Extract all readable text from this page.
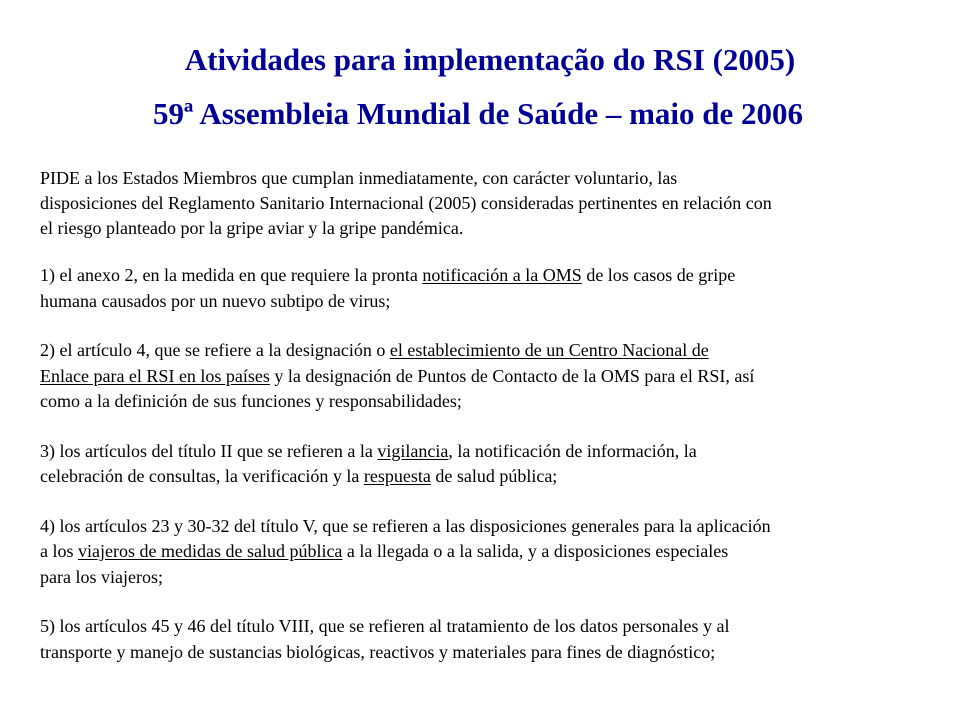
Atividades para implementação do RSI (2005)
59ª Assembleia Mundial de Saúde – maio de 2006
PIDE a los Estados Miembros que cumplan inmediatamente, con carácter voluntario, las
disposiciones del Reglamento Sanitario Internacional (2005) consideradas pertinentes en relación con
el riesgo planteado por la gripe aviar y la gripe pandémica.
1) el anexo 2, en la medida en que requiere la pronta notificación a la OMS de los casos de gripe
humana causados por un nuevo subtipo de virus;
2) el artículo 4, que se refiere a la designación o el establecimiento de un Centro Nacional de
Enlace para el RSI en los países y la designación de Puntos de Contacto de la OMS para el RSI, así
como a la definición de sus funciones y responsabilidades;
3) los artículos del título II que se refieren a la vigilancia, la notificación de información, la
celebración de consultas, la verificación y la respuesta de salud pública;
4) los artículos 23 y 30-32 del título V, que se refieren a las disposiciones generales para la aplicación
a los viajeros de medidas de salud pública a la llegada o a la salida, y a disposiciones especiales
para los viajeros;
5) los artículos 45 y 46 del título VIII, que se refieren al tratamiento de los datos personales y al
transporte y manejo de sustancias biológicas, reactivos y materiales para fines de diagnóstico;
